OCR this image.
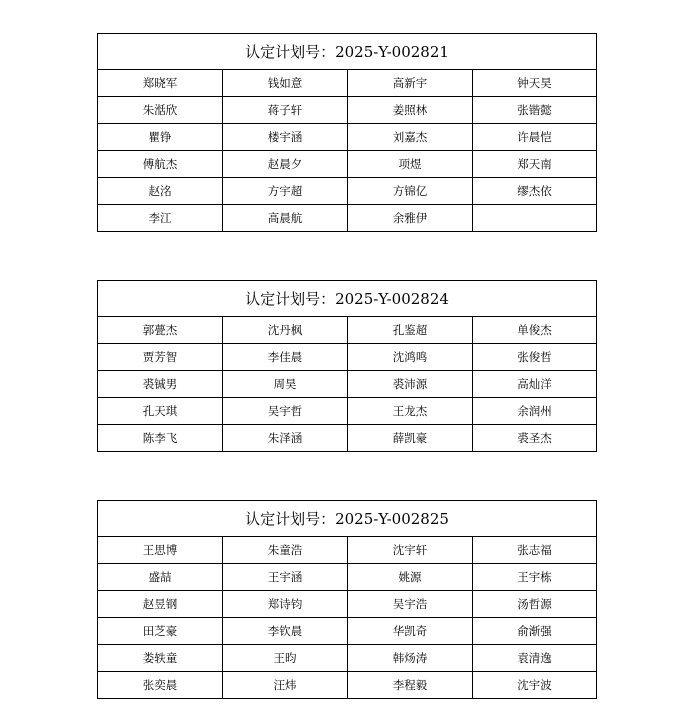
认定计划号：2025-Y-002821			
郑晓军	钱如意	高新宇	钟天昊
朱湉欣	蒋子轩	姜照林	张锴懿
瞿铮	楼宇涵	刘嘉杰	许晨恺
傅航杰	赵晨夕	项煜	郑天南
赵洺	方宇超	方锦亿	缪杰依
李江	高晨航	余雅伊	
认定计划号：2025-Y-002824			
郭甍杰	沈丹枫	孔鉴超	单俊杰
贾芳智	李佳晨	沈鸿鸣	张俊哲
裘铖男	周昊	裘沛源	高灿洋
孔天琪	吴宇哲	王龙杰	余润州
陈李飞	朱泽涵	薛凯豪	裘圣杰
认定计划号：2025-Y-002825			
王思博	朱童浩	沈宇轩	张志福
盛喆	王宇涵	姚源	王宇栋
赵昱钢	郑诗钧	吴宇浩	汤哲源
田芝豪	李钦晨	华凯奇	俞渐强
娄轶童	王昀	韩炀涛	袁清逸
张奕晨	汪炜	李程毅	沈宇波
